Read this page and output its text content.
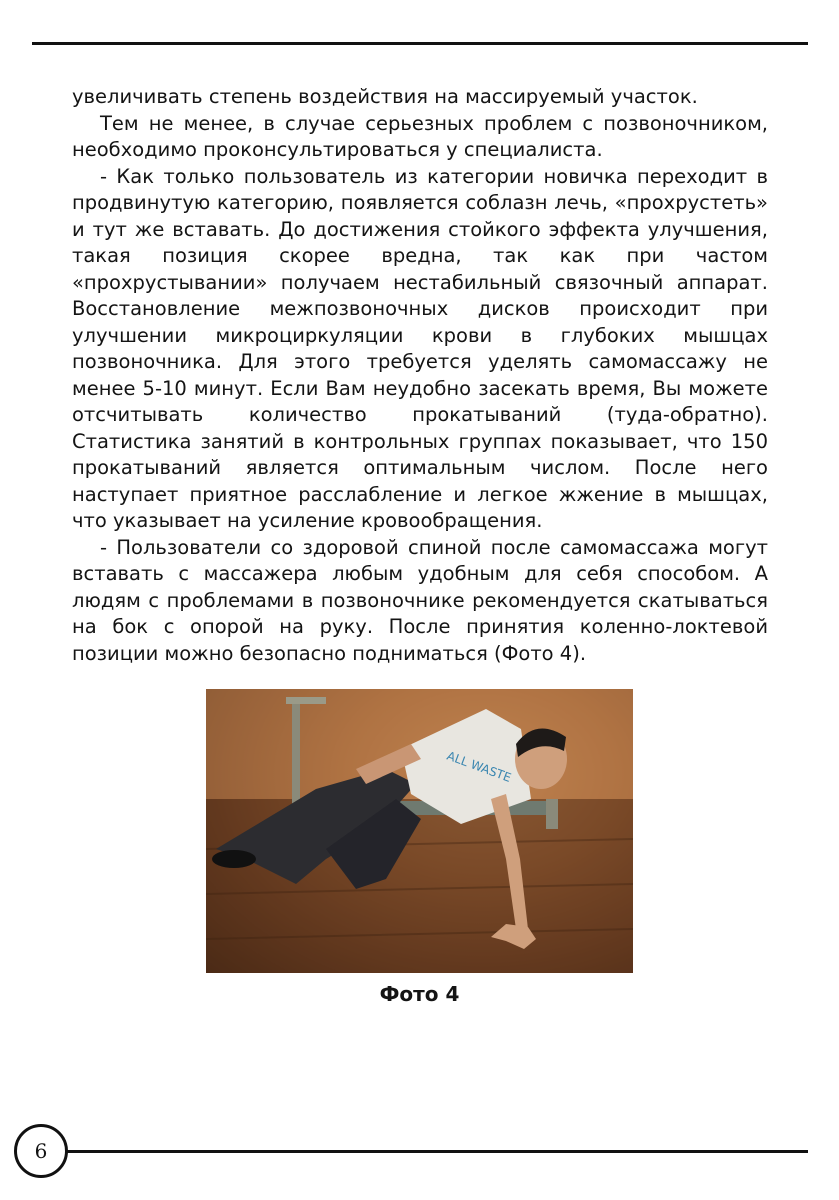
увеличивать степень воздействия на массируемый участок.

Тем не менее, в случае серьезных проблем с позвоночником, необходимо проконсультироваться у специалиста.

- Как только пользователь из категории новичка переходит в продвинутую категорию, появляется соблазн лечь, «прохрустеть» и тут же вставать. До достижения стойкого эффекта улучшения, такая позиция скорее вредна, так как при частом «прохрустывании» получаем нестабильный связочный аппарат. Восстановление межпозвоночных дисков происходит при улучшении микроциркуляции крови в глубоких мышцах позвоночника. Для этого требуется уделять самомассажу не менее 5-10 минут. Если Вам неудобно засекать время, Вы можете отсчитывать количество прокатываний (туда-обратно). Статистика занятий в контрольных группах показывает, что 150 прокатываний является оптимальным числом. После него наступает приятное расслабление и легкое жжение в мышцах, что указывает на усиление кровообращения.

- Пользователи со здоровой спиной после самомассажа могут вставать с массажера любым удобным для себя способом. А людям с проблемами в позвоночнике рекомендуется скатываться на бок с опорой на руку. После принятия коленно-локтевой позиции можно безопасно подниматься (Фото 4).

ALL WASTE
Фото 4
6
